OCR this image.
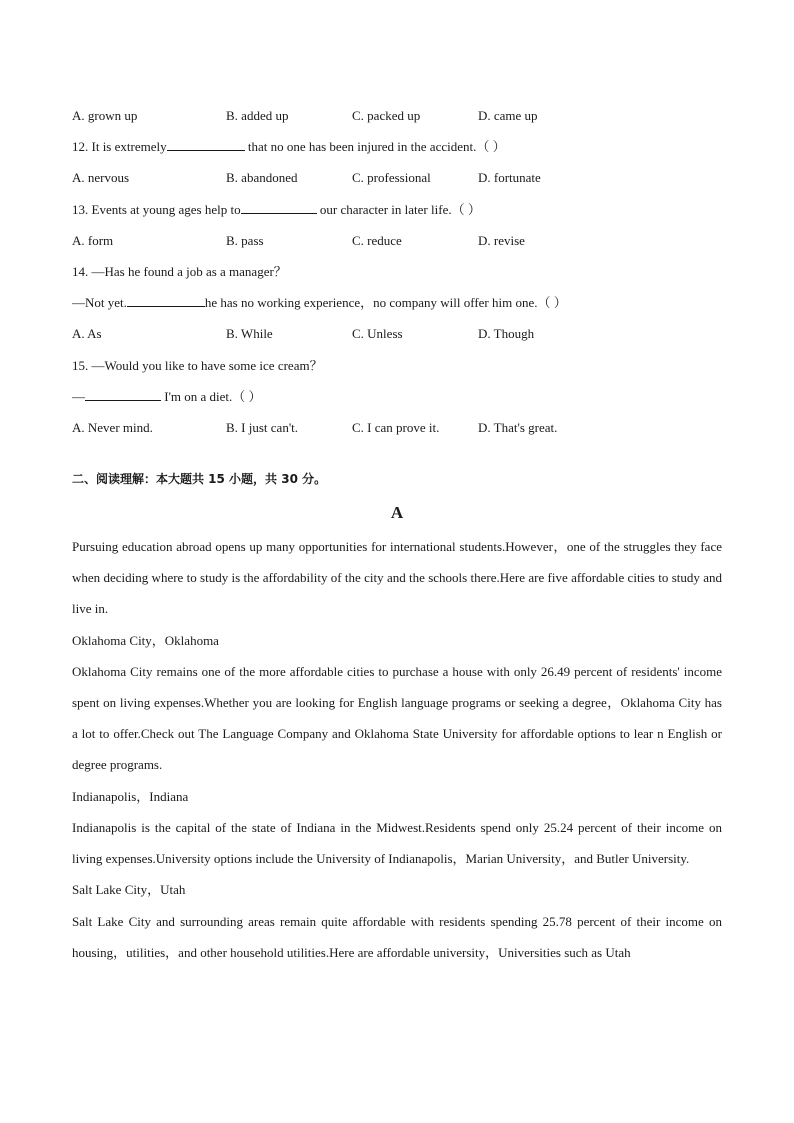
A. grown up	B. added up	C. packed up	D. came up
12. It is extremely	that no one has been injured in the accident.（ ）
A. nervous	B. abandoned	C. professional	D. fortunate
13. Events at young ages help to	our character in later life.（ ）
A. form	B. pass	C. reduce	D. revise
14. —Has he found a job as a manager？
—Not yet.	he has no working experience，no company will offer him one.（ ）
A. As	B. While	C. Unless	D. Though
15. —Would you like to have some ice cream？
—	I'm on a diet.（ ）
A. Never mind.	B. I just can't.	C. I can prove it.	D. That's great.
二、阅读理解：本大题共 15 小题，共 30 分。
A

Pursuing education abroad opens up many opportunities for international students.However，one of the struggles they face when deciding where to study is the affordability of the city and the schools there.Here are five affordable cities to study and live in.

Oklahoma City，Oklahoma

Oklahoma City remains one of the more affordable cities to purchase a house with only 26.49 percent of residents' income spent on living expenses.Whether you are looking for English language programs or seeking a degree，Oklahoma City has a lot to offer.Check out The Language Company and Oklahoma State University for affordable options to lear n English or degree programs.

Indianapolis，Indiana

Indianapolis is the capital of the state of Indiana in the Midwest.Residents spend only 25.24 percent of their income on living expenses.University options include the University of Indianapolis，Marian University，and Butler University.

Salt Lake City，Utah

Salt Lake City and surrounding areas remain quite affordable with residents spending 25.78 percent of their income on housing，utilities，and other household utilities.Here are affordable university，Universities such as Utah
